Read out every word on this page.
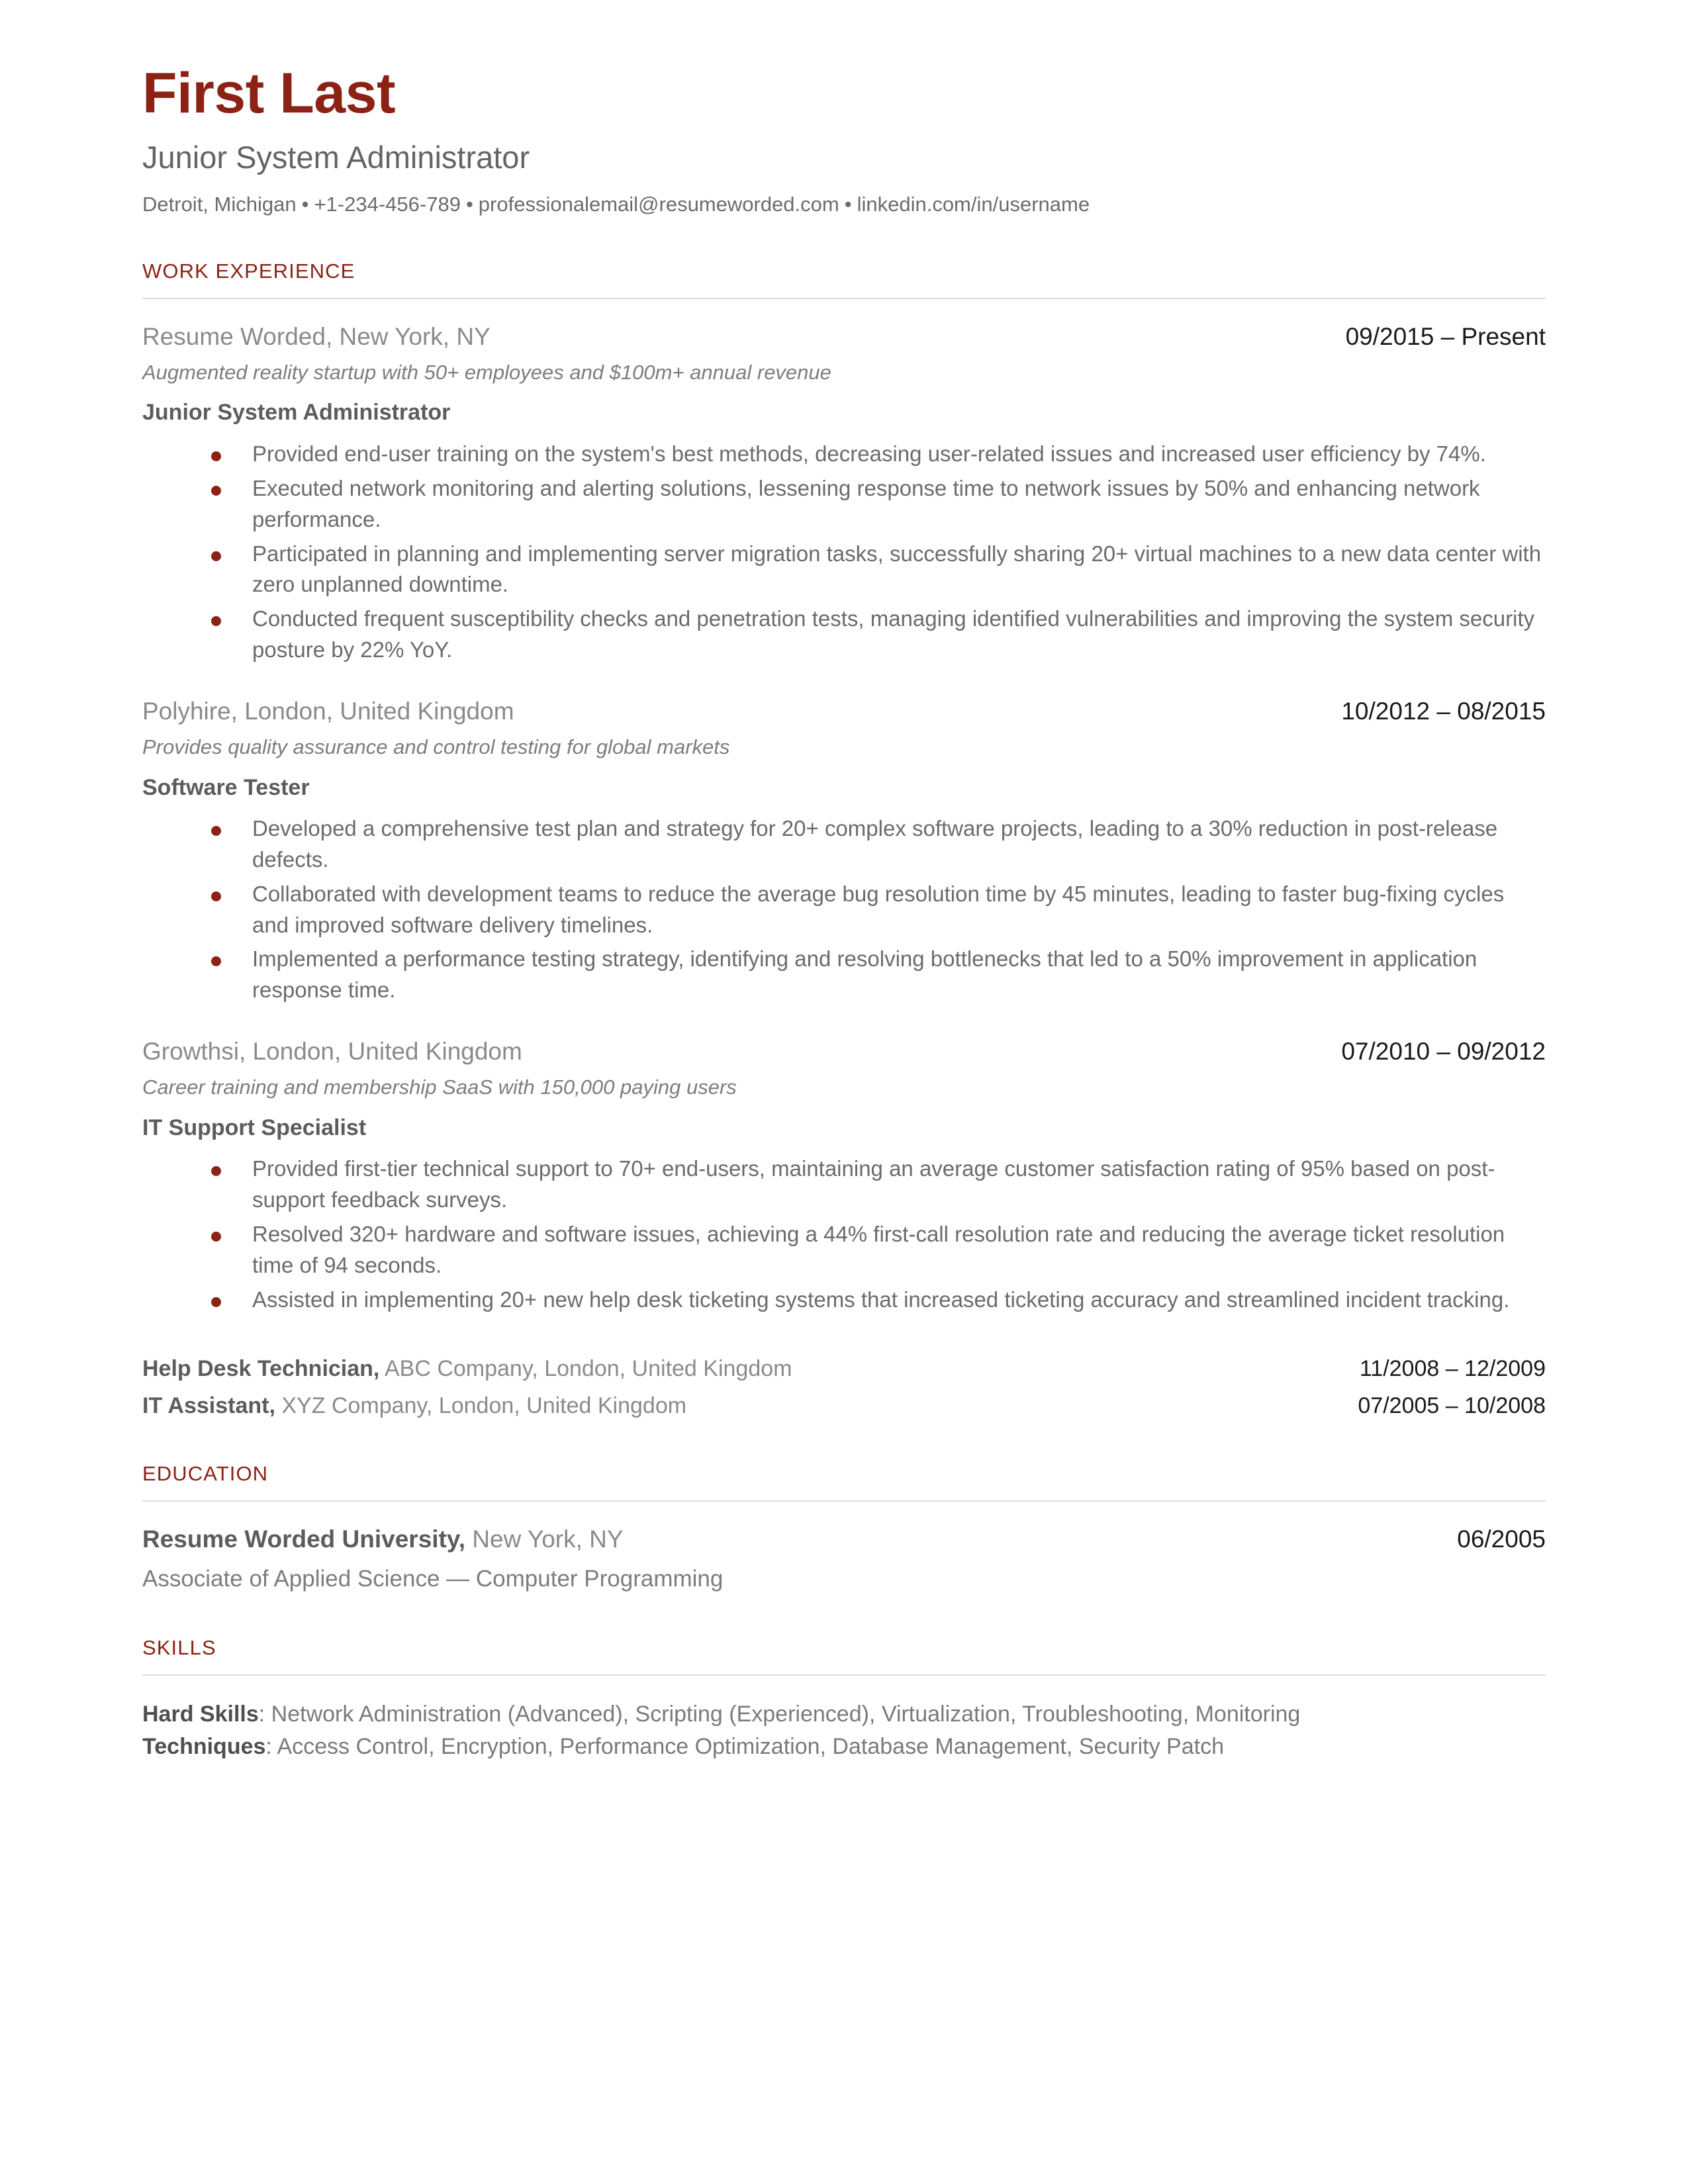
First Last
Junior System Administrator
Detroit, Michigan • +1-234-456-789 • professionalemail@resumeworded.com • linkedin.com/in/username
WORK EXPERIENCE
Resume Worded, New York, NY	09/2015 – Present
Augmented reality startup with 50+ employees and $100m+ annual revenue
Junior System Administrator
Provided end-user training on the system's best methods, decreasing user-related issues and increased user efficiency by 74%.
Executed network monitoring and alerting solutions, lessening response time to network issues by 50% and enhancing network performance.
Participated in planning and implementing server migration tasks, successfully sharing 20+ virtual machines to a new data center with zero unplanned downtime.
Conducted frequent susceptibility checks and penetration tests, managing identified vulnerabilities and improving the system security posture by 22% YoY.
Polyhire, London, United Kingdom	10/2012 – 08/2015
Provides quality assurance and control testing for global markets
Software Tester
Developed a comprehensive test plan and strategy for 20+ complex software projects, leading to a 30% reduction in post-release defects.
Collaborated with development teams to reduce the average bug resolution time by 45 minutes, leading to faster bug-fixing cycles and improved software delivery timelines.
Implemented a performance testing strategy, identifying and resolving bottlenecks that led to a 50% improvement in application response time.
Growthsi, London, United Kingdom	07/2010 – 09/2012
Career training and membership SaaS with 150,000 paying users
IT Support Specialist
Provided first-tier technical support to 70+ end-users, maintaining an average customer satisfaction rating of 95% based on post-support feedback surveys.
Resolved 320+ hardware and software issues, achieving a 44% first-call resolution rate and reducing the average ticket resolution time of 94 seconds.
Assisted in implementing 20+ new help desk ticketing systems that increased ticketing accuracy and streamlined incident tracking.
Help Desk Technician, ABC Company, London, United Kingdom	11/2008 – 12/2009
IT Assistant, XYZ Company, London, United Kingdom	07/2005 – 10/2008
EDUCATION
Resume Worded University, New York, NY	06/2005
Associate of Applied Science — Computer Programming
SKILLS
Hard Skills: Network Administration (Advanced), Scripting (Experienced), Virtualization, Troubleshooting, Monitoring
Techniques: Access Control, Encryption, Performance Optimization, Database Management, Security Patch
